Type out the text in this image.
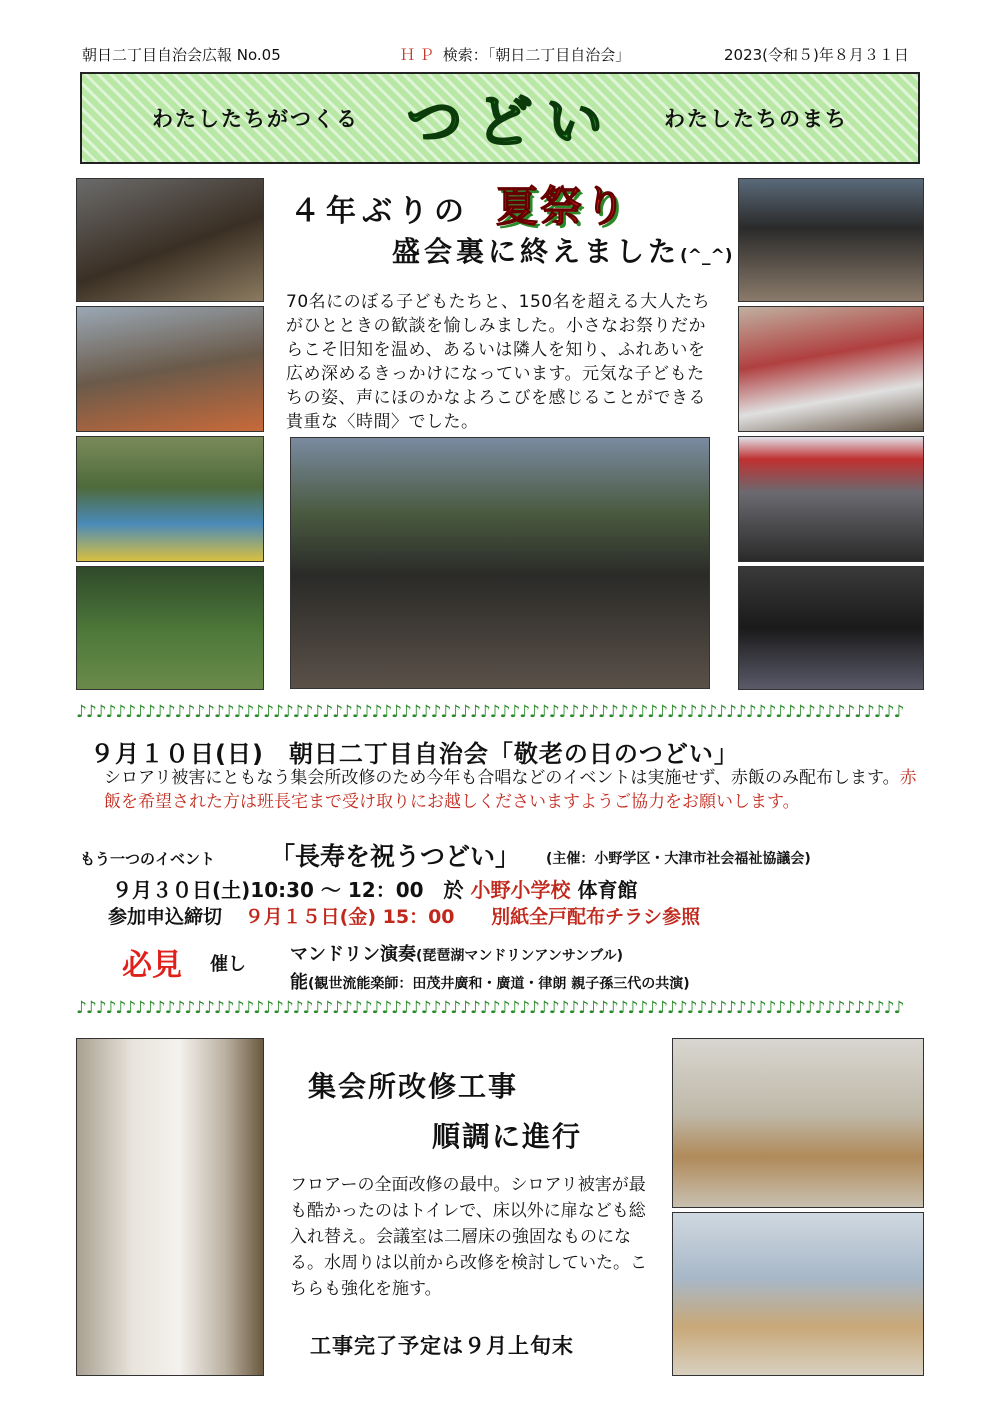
朝日二丁目自治会広報 No.05	ＨＰ 検索：「朝日二丁目自治会」	2023(令和５)年８月３１日
わたしたちがつくる つどい わたしたちのまち
４年ぶりの 夏祭り
盛会裏に終えました(^_^)
70名にのぼる子どもたちと、150名を超える大人たちがひとときの歓談を愉しみました。小さなお祭りだからこそ旧知を温め、あるいは隣人を知り、ふれあいを広め深めるきっかけになっています。元気な子どもたちの姿、声にほのかなよろこびを感じることができる貴重な〈時間〉でした。
♪♪♪♪♪♪♪♪♪♪♪♪♪♪♪♪♪♪♪♪♪♪♪♪♪♪♪♪♪♪♪♪♪♪♪♪♪♪♪♪♪♪♪♪♪♪♪♪♪♪♪♪♪♪♪♪♪♪♪♪♪♪♪♪♪♪♪♪♪♪♪♪♪♪♪♪♪♪♪♪♪♪♪♪
９月１０日(日)　朝日二丁目自治会「敬老の日のつどい」
シロアリ被害にともなう集会所改修のため今年も合唱などのイベントは実施せず、赤飯のみ配布します。赤飯を希望された方は班長宅まで受け取りにお越しくださいますようご協力をお願いします。
もう一つのイベント 「長寿を祝うつどい」 (主催：小野学区・大津市社会福祉協議会)
９月３０日(土)10:30 ～ 12：00　於 小野小学校 体育館
参加申込締切 ９月１５日(金) 15：00 別紙全戸配布チラシ参照
必見 催し マンドリン演奏(琵琶湖マンドリンアンサンブル)
能(観世流能楽師：田茂井廣和・廣道・律朗 親子孫三代の共演)
♪♪♪♪♪♪♪♪♪♪♪♪♪♪♪♪♪♪♪♪♪♪♪♪♪♪♪♪♪♪♪♪♪♪♪♪♪♪♪♪♪♪♪♪♪♪♪♪♪♪♪♪♪♪♪♪♪♪♪♪♪♪♪♪♪♪♪♪♪♪♪♪♪♪♪♪♪♪♪♪♪♪♪♪
集会所改修工事
順調に進行
フロアーの全面改修の最中。シロアリ被害が最も酷かったのはトイレで、床以外に扉なども総入れ替え。会議室は二層床の強固なものになる。水周りは以前から改修を検討していた。こちらも強化を施す。
工事完了予定は９月上旬末
